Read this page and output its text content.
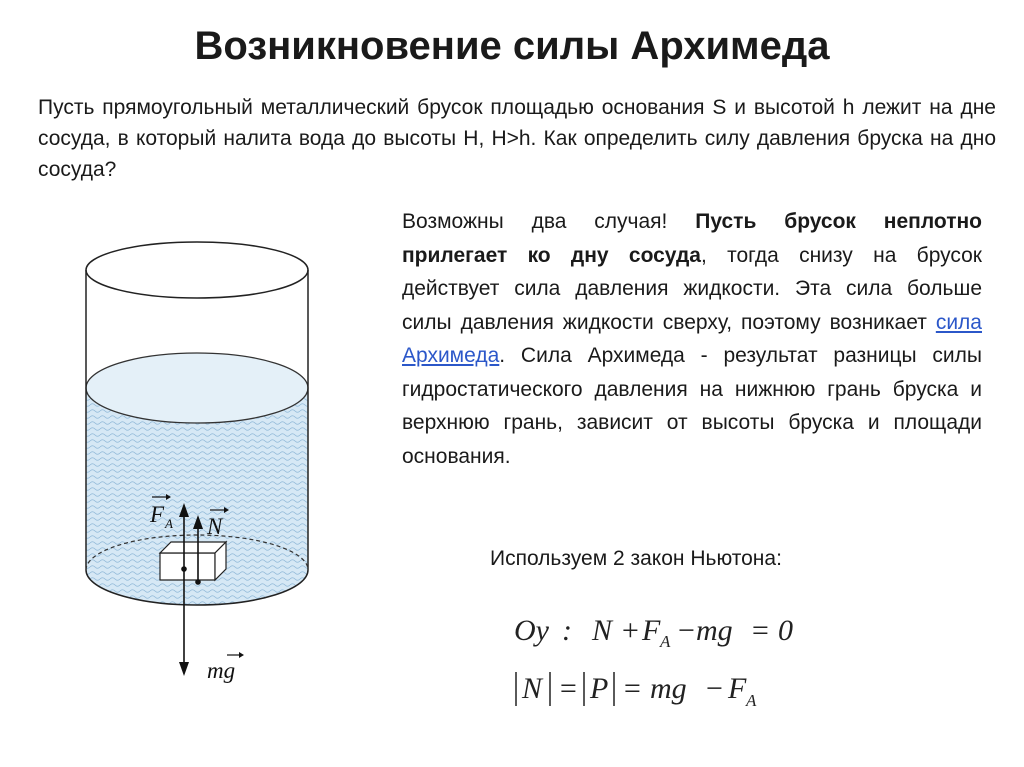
Возникновение силы Архимеда

Пусть прямоугольный металлический брусок площадью основания S и высотой h лежит на дне сосуда, в который налита вода до высоты H, H>h. Как определить силу давления бруска на дно сосуда?

Возможны два случая! Пусть брусок неплотно прилегает ко дну сосуда, тогда снизу на брусок действует сила давления жидкости. Эта сила больше силы давления жидкости сверху, поэтому возникает сила Архимеда. Сила Архимеда - результат разницы силы гидростатического давления на нижнюю грань бруска и верхнюю грань, зависит от высоты бруска и площади основания.

Используем 2 закон Ньютона:

F A N
mg
Oy : N + F A − mg = 0
N = P = mg − F A
